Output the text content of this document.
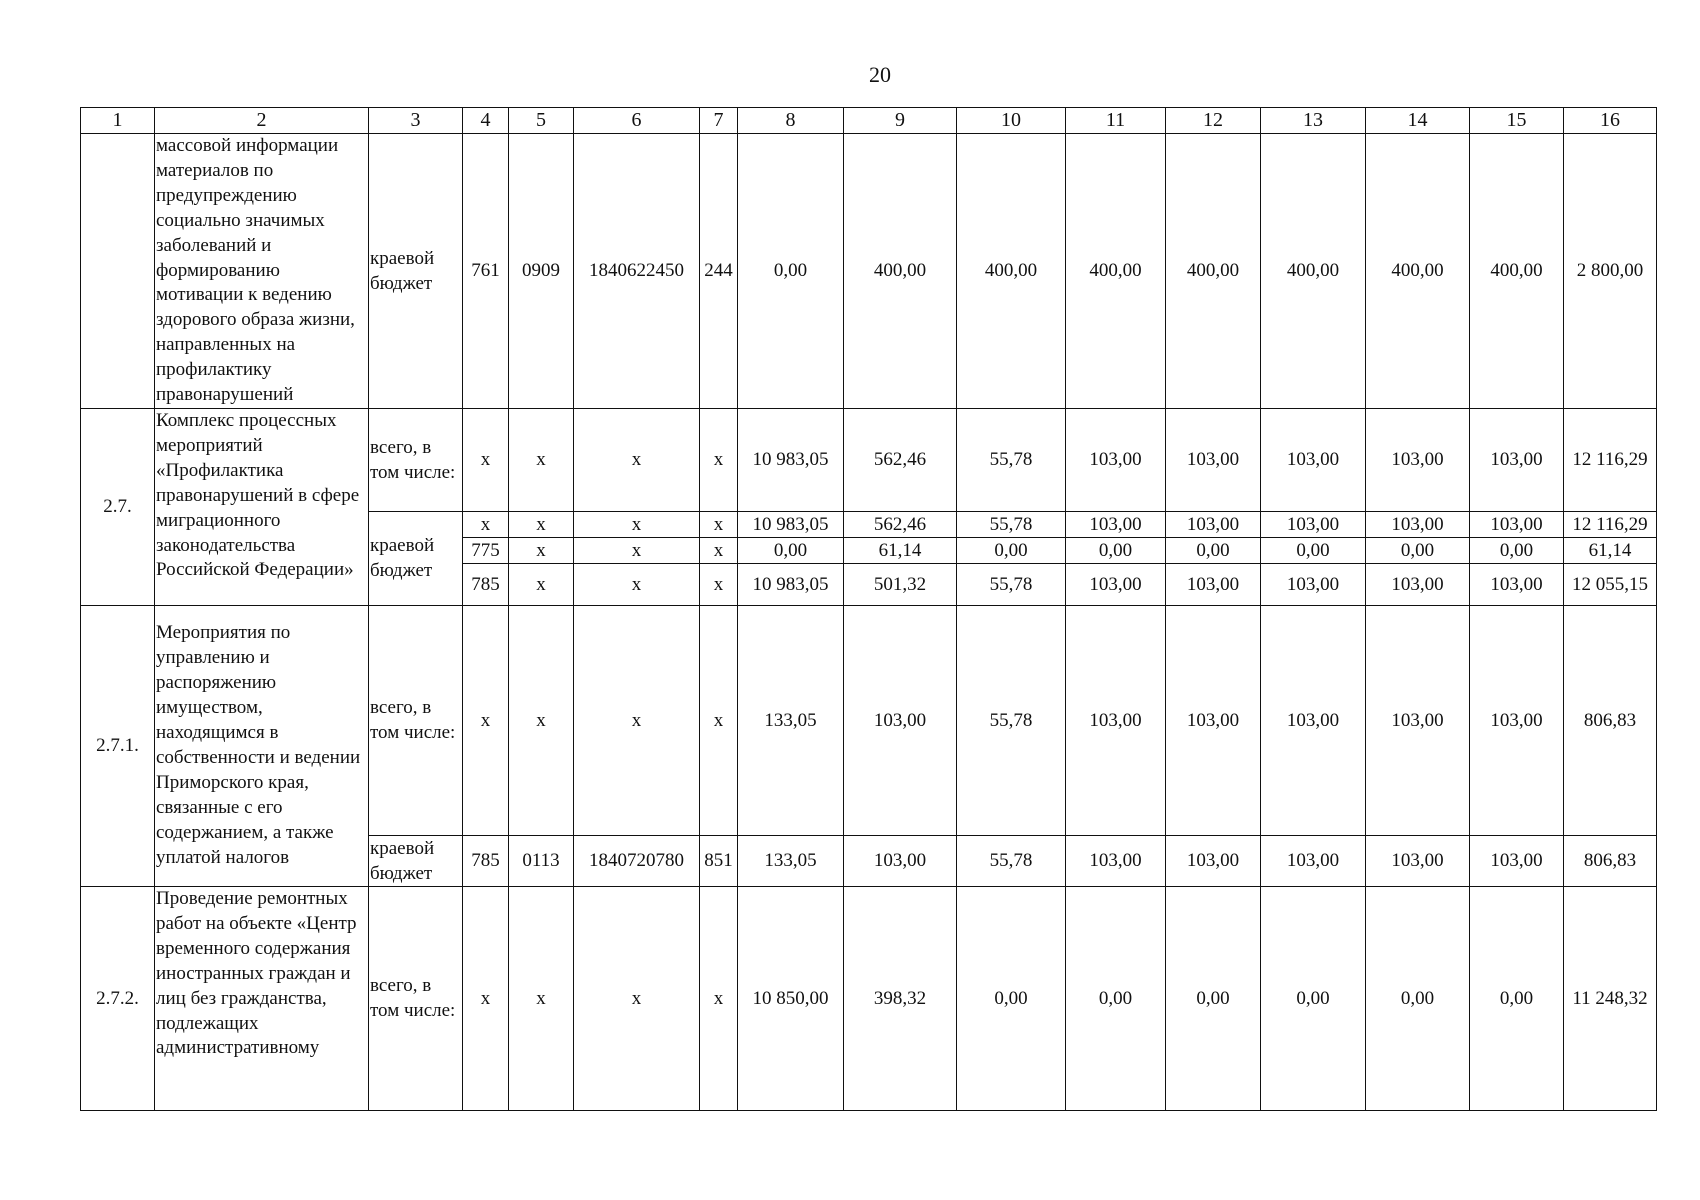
20
1	2	3	4	5	6	7	8	9	10	11	12	13	14	15	16
	массовой информации материалов по предупреждению социально значимых заболеваний и формированию мотивации к ведению здорового образа жизни, направленных на профилактику правонарушений	краевой бюджет	761	0909	1840622450	244	0,00	400,00	400,00	400,00	400,00	400,00	400,00	400,00	2 800,00
2.7.	Комплекс процессных мероприятий «Профилактика правонарушений в сфере миграционного законодательства Российской Федерации»	всего, в том числе:	x	x	x	x	10 983,05	562,46	55,78	103,00	103,00	103,00	103,00	103,00	12 116,29
		краевой бюджет	x	x	x	x	10 983,05	562,46	55,78	103,00	103,00	103,00	103,00	103,00	12 116,29
			775	x	x	x	0,00	61,14	0,00	0,00	0,00	0,00	0,00	0,00	61,14
			785	x	x	x	10 983,05	501,32	55,78	103,00	103,00	103,00	103,00	103,00	12 055,15
2.7.1.	Мероприятия по управлению и распоряжению имуществом, находящимся в собственности и ведении Приморского края, связанные с его содержанием, а также уплатой налогов	всего, в том числе:	x	x	x	x	133,05	103,00	55,78	103,00	103,00	103,00	103,00	103,00	806,83
		краевой бюджет	785	0113	1840720780	851	133,05	103,00	55,78	103,00	103,00	103,00	103,00	103,00	806,83
2.7.2.	Проведение ремонтных работ на объекте «Центр временного содержания иностранных граждан и лиц без гражданства, подлежащих административному	всего, в том числе:	x	x	x	x	10 850,00	398,32	0,00	0,00	0,00	0,00	0,00	0,00	11 248,32
